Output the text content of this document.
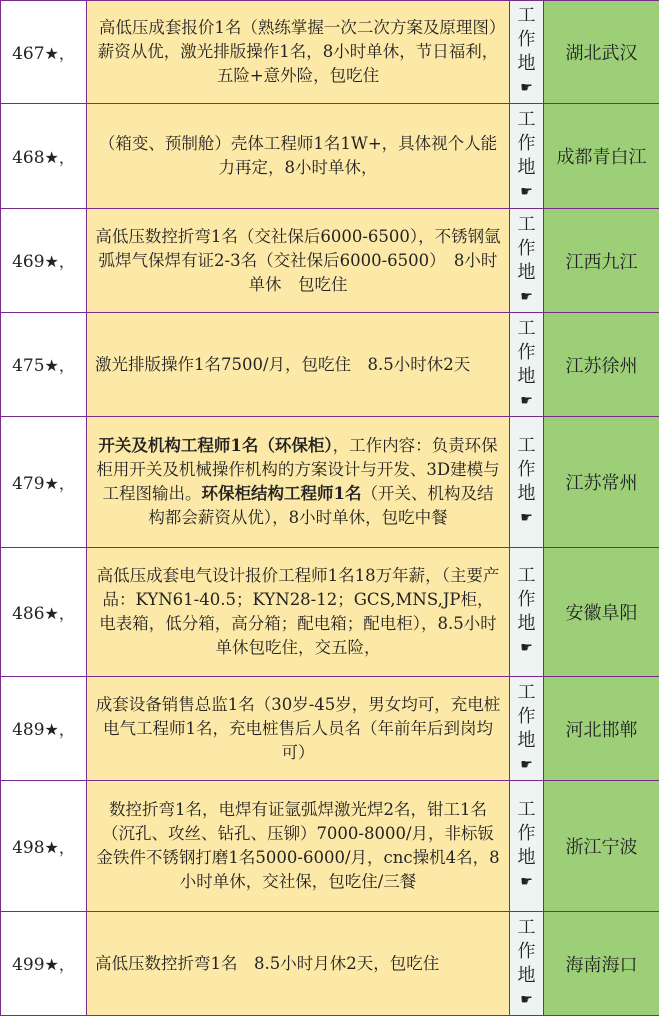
467★，	高低压成套报价1名（熟练掌握一次二次方案及原理图）薪资从优，激光排版操作1名，8小时单休，节日福利，五险+意外险，包吃住	工
作
地
☛	湖北武汉
468★，	（箱变、预制舱）壳体工程师1名1W+，具体视个人能力再定，8小时单休，	工
作
地
☛	成都青白江
469★，	高低压数控折弯1名（交社保后6000-6500），不锈钢氩弧焊气保焊有证2-3名（交社保后6000-6500）　8小时 单休　包吃住	工
作
地
☛	江西九江
475★，	激光排版操作1名7500/月，包吃住　8.5小时休2天	工
作
地
☛	江苏徐州
479★，	开关及机构工程师1名（环保柜），工作内容：负责环保柜用开关及机械操作机构的方案设计与开发、3D建模与工程图输出。环保柜结构工程师1名（开关、机构及结构都会薪资从优），8小时单休，包吃中餐	工
作
地
☛	江苏常州
486★，	高低压成套电气设计报价工程师1名18万年薪，（主要产品：KYN61-40.5；KYN28-12；GCS,MNS,JP柜，电表箱，低分箱，高分箱；配电箱；配电柜），8.5小时单休包吃住，交五险，	工
作
地
☛	安徽阜阳
489★，	成套设备销售总监1名（30岁-45岁，男女均可，充电桩电气工程师1名，充电桩售后人员名（年前年后到岗均可）	工
作
地
☛	河北邯郸
498★，	数控折弯1名，电焊有证氩弧焊激光焊2名，钳工1名（沉孔、攻丝、钻孔、压铆）7000-8000/月，非标钣金铁件不锈钢打磨1名5000-6000/月，cnc操机4名，8小时单休，交社保，包吃住/三餐	工
作
地
☛	浙江宁波
499★，	高低压数控折弯1名　8.5小时月休2天，包吃住	工
作
地
☛	海南海口
